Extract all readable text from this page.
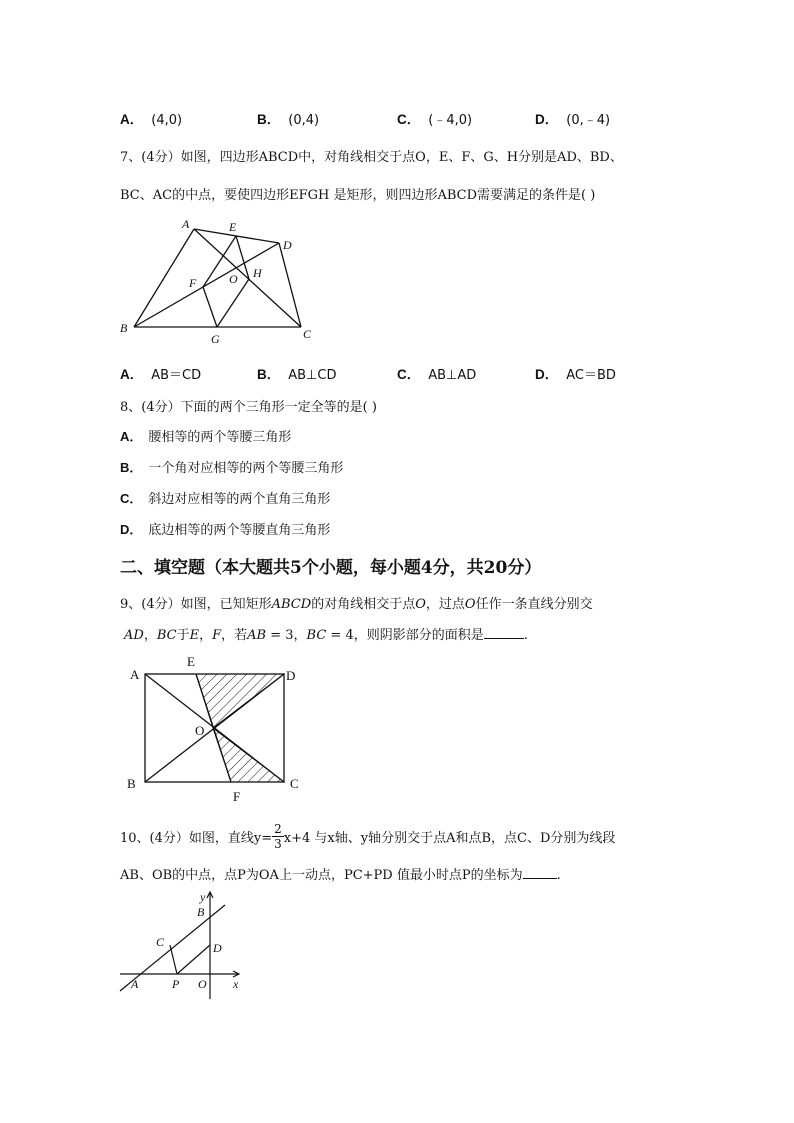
A． (4,0)	B． (0,4)	C． (﹣4,0)	D． (0,﹣4)
7、(4分）如图，四边形ABCD中，对角线相交于点O，E、F、G、H分别是AD、BD、
BC、AC的中点，要使四边形EFGH 是矩形，则四边形ABCD需要满足的条件是( )
A	E
D
H
O
F
B	C
G
A． AB＝CD	B． AB⊥CD	C． AB⊥AD	D． AC＝BD
8、(4分）下面的两个三角形一定全等的是( )
A． 腰相等的两个等腰三角形
B． 一个角对应相等的两个等腰三角形
C． 斜边对应相等的两个直角三角形
D． 底边相等的两个等腰直角三角形
二、填空题（本大题共5个小题，每小题4分，共20分）
9、(4分）如图，已知矩形ABCD的对角线相交于点O，过点O任作一条直线分别交
AD，BC于E，F，若AB = 3，BC = 4，则阴影部分的面积是	.
A
E
D
O
B	C
F
10、(4分）如图，直线$y= \frac{2}{3} x+4$ 与x轴、y轴分别交于点A和点B，点C、D分别为线段
AB、OB的中点，点P为OA上一动点，PC+PD 值最小时点P的坐标为	.
y
B
C	D
A	P O x
